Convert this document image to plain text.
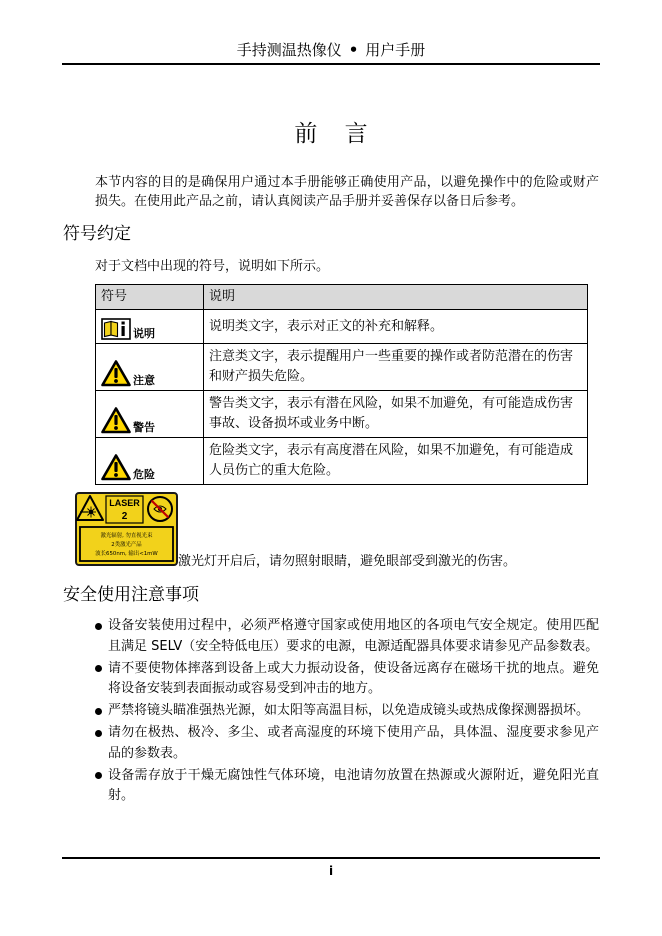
手持测温热像仪 • 用户手册
前 言
本节内容的目的是确保用户通过本手册能够正确使用产品，以避免操作中的危险或财产损失。在使用此产品之前，请认真阅读产品手册并妥善保存以备日后参考。
符号约定
对于文档中出现的符号，说明如下所示。
符号	说明

说明	说明类文字，表示对正文的补充和解释。

注意	注意类文字，表示提醒用户一些重要的操作或者防范潜在的伤害和财产损失危险。

警告	警告类文字，表示有潜在风险，如果不加避免，有可能造成伤害事故、设备损坏或业务中断。

危险	危险类文字，表示有高度潜在风险，如果不加避免，有可能造成人员伤亡的重大危险。
LASER
2
激光辐射, 勿直视光束
2类激光产品
波长650nm, 输出<1mW 激光灯开启后，请勿照射眼睛，避免眼部受到激光的伤害。
安全使用注意事项
设备安装使用过程中，必须严格遵守国家或使用地区的各项电气安全规定。使用匹配且满足 SELV（安全特低电压）要求的电源，电源适配器具体要求请参见产品参数表。
请不要使物体摔落到设备上或大力振动设备，使设备远离存在磁场干扰的地点。避免将设备安装到表面振动或容易受到冲击的地方。
严禁将镜头瞄准强热光源，如太阳等高温目标，以免造成镜头或热成像探测器损坏。
请勿在极热、极冷、多尘、或者高湿度的环境下使用产品，具体温、湿度要求参见产品的参数表。
设备需存放于干燥无腐蚀性气体环境，电池请勿放置在热源或火源附近，避免阳光直射。
i
